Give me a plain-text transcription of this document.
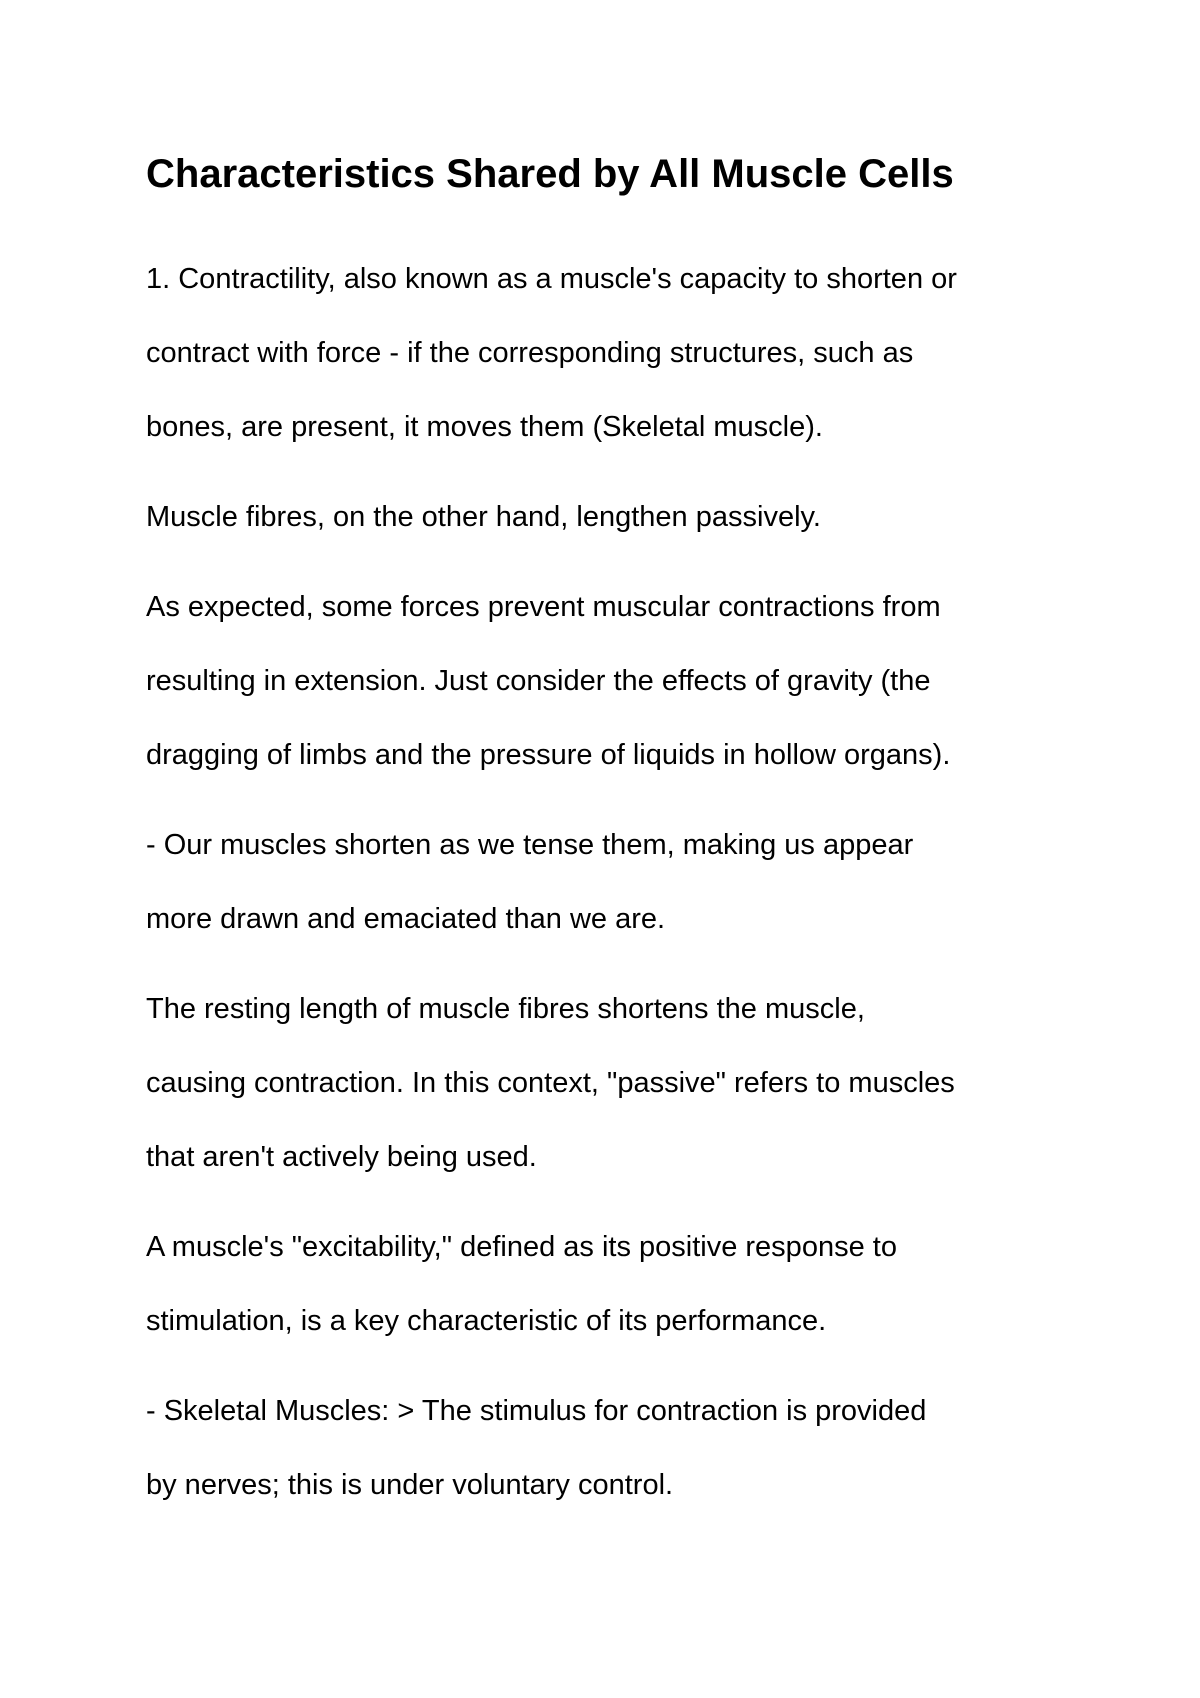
Characteristics Shared by All Muscle Cells

1. Contractility, also known as a muscle's capacity to shorten or
contract with force - if the corresponding structures, such as
bones, are present, it moves them (Skeletal muscle).

Muscle fibres, on the other hand, lengthen passively.

As expected, some forces prevent muscular contractions from
resulting in extension. Just consider the effects of gravity (the
dragging of limbs and the pressure of liquids in hollow organs).

- Our muscles shorten as we tense them, making us appear
more drawn and emaciated than we are.

The resting length of muscle fibres shortens the muscle,
causing contraction. In this context, "passive" refers to muscles
that aren't actively being used.

A muscle's "excitability," defined as its positive response to
stimulation, is a key characteristic of its performance.

- Skeletal Muscles: > The stimulus for contraction is provided
by nerves; this is under voluntary control.
